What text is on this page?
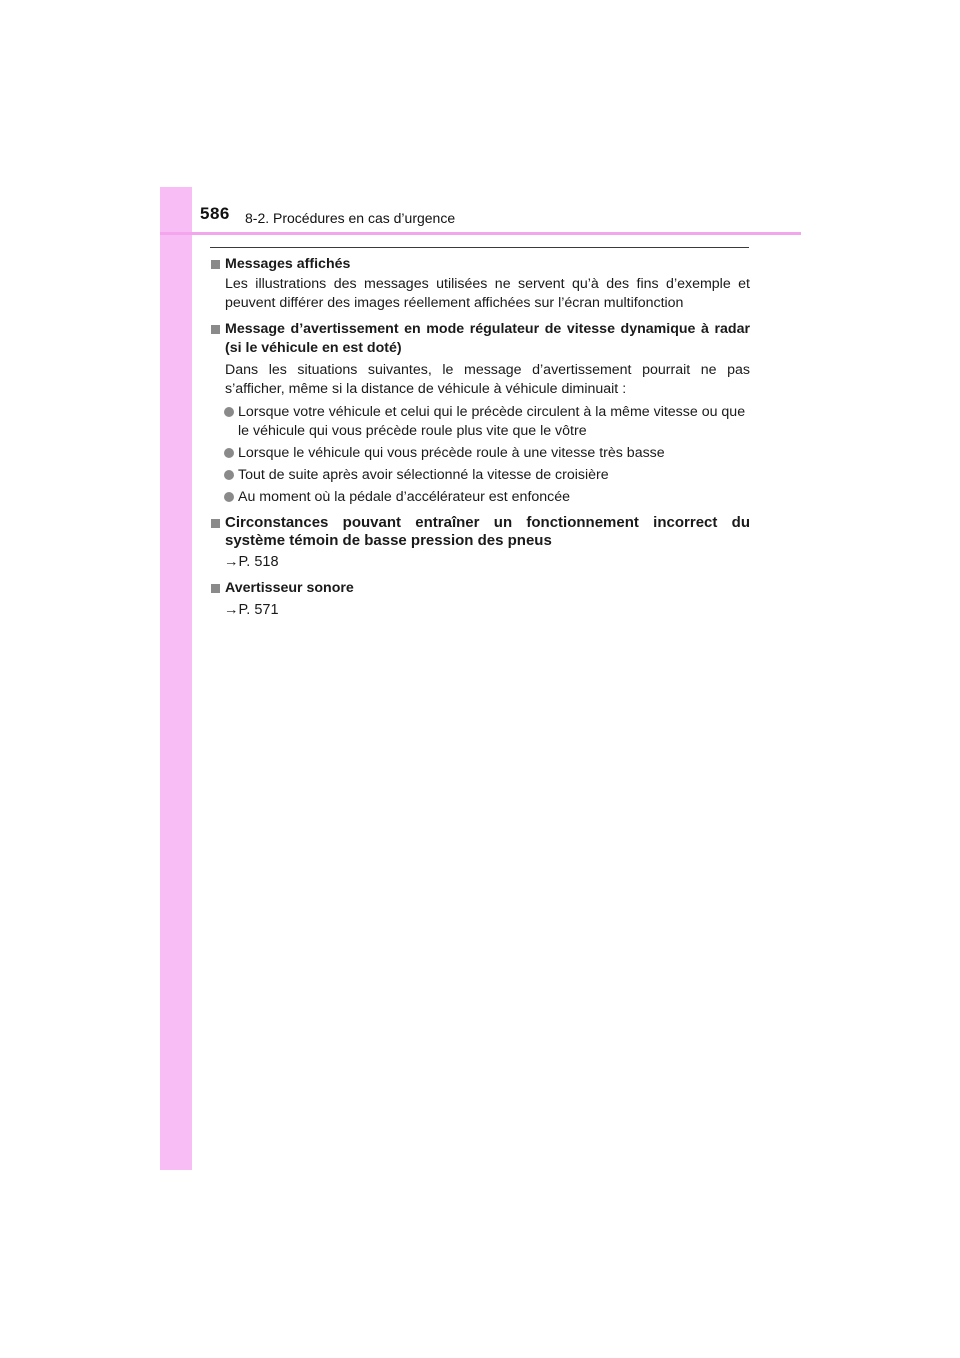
586 8-2. Procédures en cas d’urgence
Messages affichés
Les illustrations des messages utilisées ne servent qu’à des fins d’exemple et peuvent différer des images réellement affichées sur l’écran multifonction
Message d’avertissement en mode régulateur de vitesse dynamique à radar (si le véhicule en est doté)
Dans les situations suivantes, le message d’avertissement pourrait ne pas s’afficher, même si la distance de véhicule à véhicule diminuait :
Lorsque votre véhicule et celui qui le précède circulent à la même vitesse ou que le véhicule qui vous précède roule plus vite que le vôtre
Lorsque le véhicule qui vous précède roule à une vitesse très basse
Tout de suite après avoir sélectionné la vitesse de croisière
Au moment où la pédale d’accélérateur est enfoncée
Circonstances pouvant entraîner un fonctionnement incorrect du système témoin de basse pression des pneus
→P. 518
Avertisseur sonore
→P. 571
